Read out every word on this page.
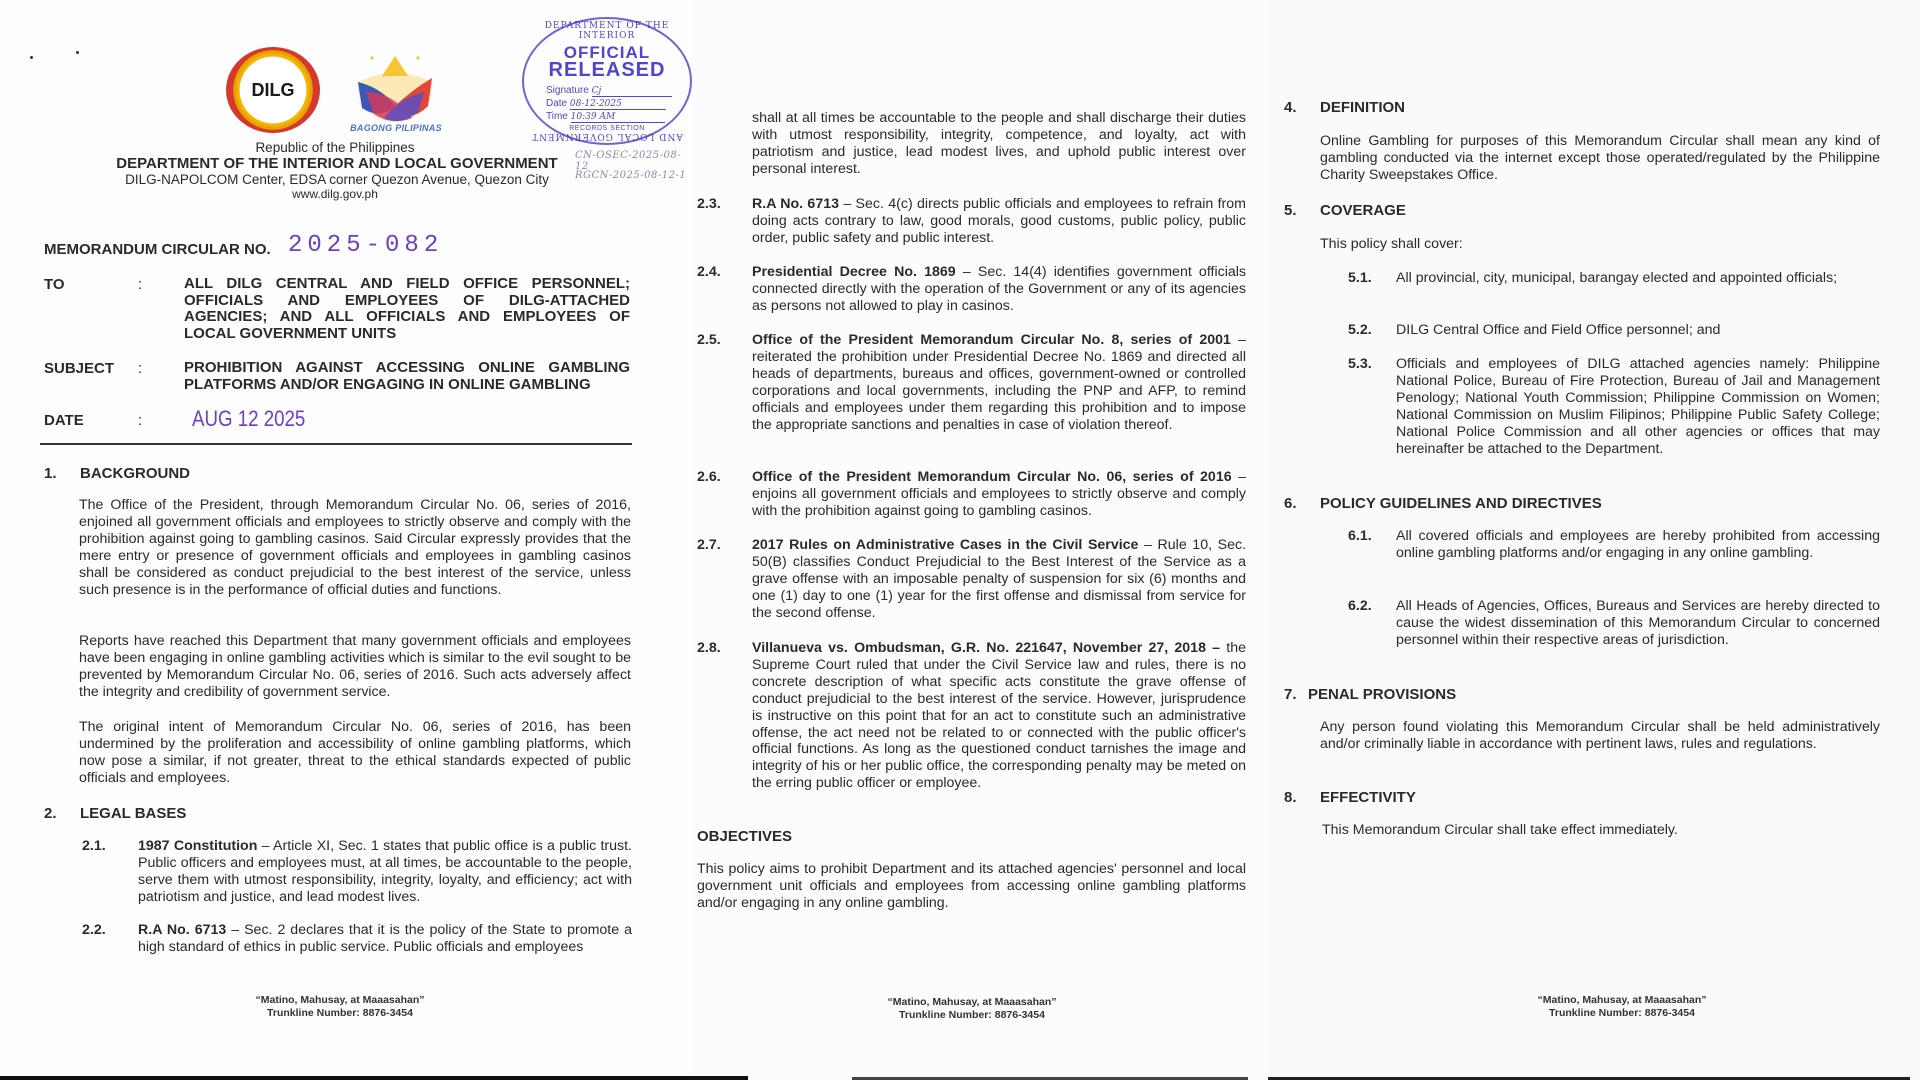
DILG
BAGONG PILIPINAS
Republic of the Philippines
DEPARTMENT OF THE INTERIOR AND LOCAL GOVERNMENT
DILG-NAPOLCOM Center, EDSA corner Quezon Avenue, Quezon City
www.dilg.gov.ph
DEPARTMENT OF THE INTERIOR
OFFICIAL
RELEASED
Signature Cj
Date 08-12-2025
Time 10:39 AM
RECORDS SECTION
AND LOCAL GOVERNMENT
CN-OSEC-2025-08-12
RGCN-2025-08-12-1
MEMORANDUM CIRCULAR NO. 2025-082
TO	:	ALL DILG CENTRAL AND FIELD OFFICE PERSONNEL; OFFICIALS AND EMPLOYEES OF DILG-ATTACHED AGENCIES; AND ALL OFFICIALS AND EMPLOYEES OF LOCAL GOVERNMENT UNITS
SUBJECT :	PROHIBITION AGAINST ACCESSING ONLINE GAMBLING PLATFORMS AND/OR ENGAGING IN ONLINE GAMBLING
DATE	: AUG 12 2025
1. BACKGROUND
The Office of the President, through Memorandum Circular No. 06, series of 2016, enjoined all government officials and employees to strictly observe and comply with the prohibition against going to gambling casinos. Said Circular expressly provides that the mere entry or presence of government officials and employees in gambling casinos shall be considered as conduct prejudicial to the best interest of the service, unless such presence is in the performance of official duties and functions.
Reports have reached this Department that many government officials and employees have been engaging in online gambling activities which is similar to the evil sought to be prevented by Memorandum Circular No. 06, series of 2016. Such acts adversely affect the integrity and credibility of government service.
The original intent of Memorandum Circular No. 06, series of 2016, has been undermined by the proliferation and accessibility of online gambling platforms, which now pose a similar, if not greater, threat to the ethical standards expected of public officials and employees.
2. LEGAL BASES
2.1. 1987 Constitution – Article XI, Sec. 1 states that public office is a public trust. Public officers and employees must, at all times, be accountable to the people, serve them with utmost responsibility, integrity, loyalty, and efficiency; act with patriotism and justice, and lead modest lives.
2.2. R.A No. 6713 – Sec. 2 declares that it is the policy of the State to promote a high standard of ethics in public service. Public officials and employees
“Matino, Mahusay, at Maaasahan”
Trunkline Number: 8876-3454
shall at all times be accountable to the people and shall discharge their duties with utmost responsibility, integrity, competence, and loyalty, act with patriotism and justice, lead modest lives, and uphold public interest over personal interest.
2.3. R.A No. 6713 – Sec. 4(c) directs public officials and employees to refrain from doing acts contrary to law, good morals, good customs, public policy, public order, public safety and public interest.
2.4. Presidential Decree No. 1869 – Sec. 14(4) identifies government officials connected directly with the operation of the Government or any of its agencies as persons not allowed to play in casinos.
2.5. Office of the President Memorandum Circular No. 8, series of 2001 – reiterated the prohibition under Presidential Decree No. 1869 and directed all heads of departments, bureaus and offices, government-owned or controlled corporations and local governments, including the PNP and AFP, to remind officials and employees under them regarding this prohibition and to impose the appropriate sanctions and penalties in case of violation thereof.
2.6. Office of the President Memorandum Circular No. 06, series of 2016 – enjoins all government officials and employees to strictly observe and comply with the prohibition against going to gambling casinos.
2.7. 2017 Rules on Administrative Cases in the Civil Service – Rule 10, Sec. 50(B) classifies Conduct Prejudicial to the Best Interest of the Service as a grave offense with an imposable penalty of suspension for six (6) months and one (1) day to one (1) year for the first offense and dismissal from service for the second offense.
2.8. Villanueva vs. Ombudsman, G.R. No. 221647, November 27, 2018 – the Supreme Court ruled that under the Civil Service law and rules, there is no concrete description of what specific acts constitute the grave offense of conduct prejudicial to the best interest of the service. However, jurisprudence is instructive on this point that for an act to constitute such an administrative offense, the act need not be related to or connected with the public officer's official functions. As long as the questioned conduct tarnishes the image and integrity of his or her public office, the corresponding penalty may be meted on the erring public officer or employee.
OBJECTIVES
This policy aims to prohibit Department and its attached agencies' personnel and local government unit officials and employees from accessing online gambling platforms and/or engaging in any online gambling.
“Matino, Mahusay, at Maaasahan”
Trunkline Number: 8876-3454
4. DEFINITION
Online Gambling for purposes of this Memorandum Circular shall mean any kind of gambling conducted via the internet except those operated/regulated by the Philippine Charity Sweepstakes Office.
5. COVERAGE
This policy shall cover:
5.1. All provincial, city, municipal, barangay elected and appointed officials;
5.2. DILG Central Office and Field Office personnel; and
5.3. Officials and employees of DILG attached agencies namely: Philippine National Police, Bureau of Fire Protection, Bureau of Jail and Management Penology; National Youth Commission; Philippine Commission on Women; National Commission on Muslim Filipinos; Philippine Public Safety College; National Police Commission and all other agencies or offices that may hereinafter be attached to the Department.
6. POLICY GUIDELINES AND DIRECTIVES
6.1. All covered officials and employees are hereby prohibited from accessing online gambling platforms and/or engaging in any online gambling.
6.2. All Heads of Agencies, Offices, Bureaus and Services are hereby directed to cause the widest dissemination of this Memorandum Circular to concerned personnel within their respective areas of jurisdiction.
7. PENAL PROVISIONS
Any person found violating this Memorandum Circular shall be held administratively and/or criminally liable in accordance with pertinent laws, rules and regulations.
8. EFFECTIVITY
This Memorandum Circular shall take effect immediately.
“Matino, Mahusay, at Maaasahan”
Trunkline Number: 8876-3454
